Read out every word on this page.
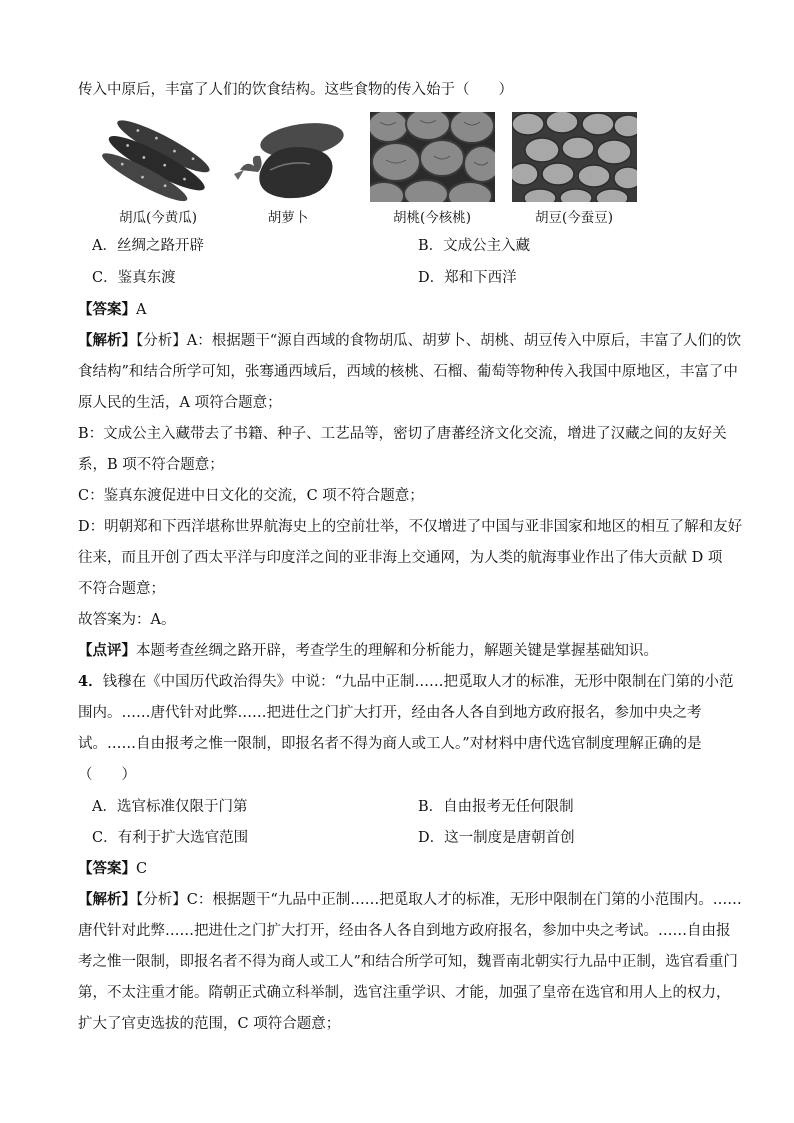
传入中原后，丰富了人们的饮食结构。这些食物的传入始于（　　）
胡瓜(今黄瓜)	胡萝卜	胡桃(今核桃)	胡豆(今蚕豆)
A．丝绸之路开辟	B．文成公主入藏
C．鉴真东渡	D．郑和下西洋
【答案】A
【解析】【分析】A：根据题干“源自西域的食物胡瓜、胡萝卜、胡桃、胡豆传入中原后，丰富了人们的饮
食结构”和结合所学可知，张骞通西域后，西域的核桃、石榴、葡萄等物种传入我国中原地区，丰富了中
原人民的生活，A 项符合题意；
B：文成公主入藏带去了书籍、种子、工艺品等，密切了唐蕃经济文化交流，增进了汉藏之间的友好关
系，B 项不符合题意；
C：鉴真东渡促进中日文化的交流，C 项不符合题意；
D：明朝郑和下西洋堪称世界航海史上的空前壮举，不仅增进了中国与亚非国家和地区的相互了解和友好
往来，而且开创了西太平洋与印度洋之间的亚非海上交通网，为人类的航海事业作出了伟大贡献 D 项
不符合题意；
故答案为：A。
【点评】本题考查丝绸之路开辟，考查学生的理解和分析能力，解题关键是掌握基础知识。
4．钱穆在《中国历代政治得失》中说：“九品中正制……把觅取人才的标准，无形中限制在门第的小范
围内。……唐代针对此弊……把进仕之门扩大打开，经由各人各自到地方政府报名，参加中央之考
试。……自由报考之惟一限制，即报名者不得为商人或工人。”对材料中唐代选官制度理解正确的是
（　　）
A．选官标准仅限于门第	B．自由报考无任何限制
C．有利于扩大选官范围	D．这一制度是唐朝首创
【答案】C
【解析】【分析】C：根据题干“九品中正制……把觅取人才的标准，无形中限制在门第的小范围内。……
唐代针对此弊……把进仕之门扩大打开，经由各人各自到地方政府报名，参加中央之考试。……自由报
考之惟一限制，即报名者不得为商人或工人”和结合所学可知，魏晋南北朝实行九品中正制，选官看重门
第，不太注重才能。隋朝正式确立科举制，选官注重学识、才能，加强了皇帝在选官和用人上的权力，
扩大了官吏选拔的范围，C 项符合题意；
